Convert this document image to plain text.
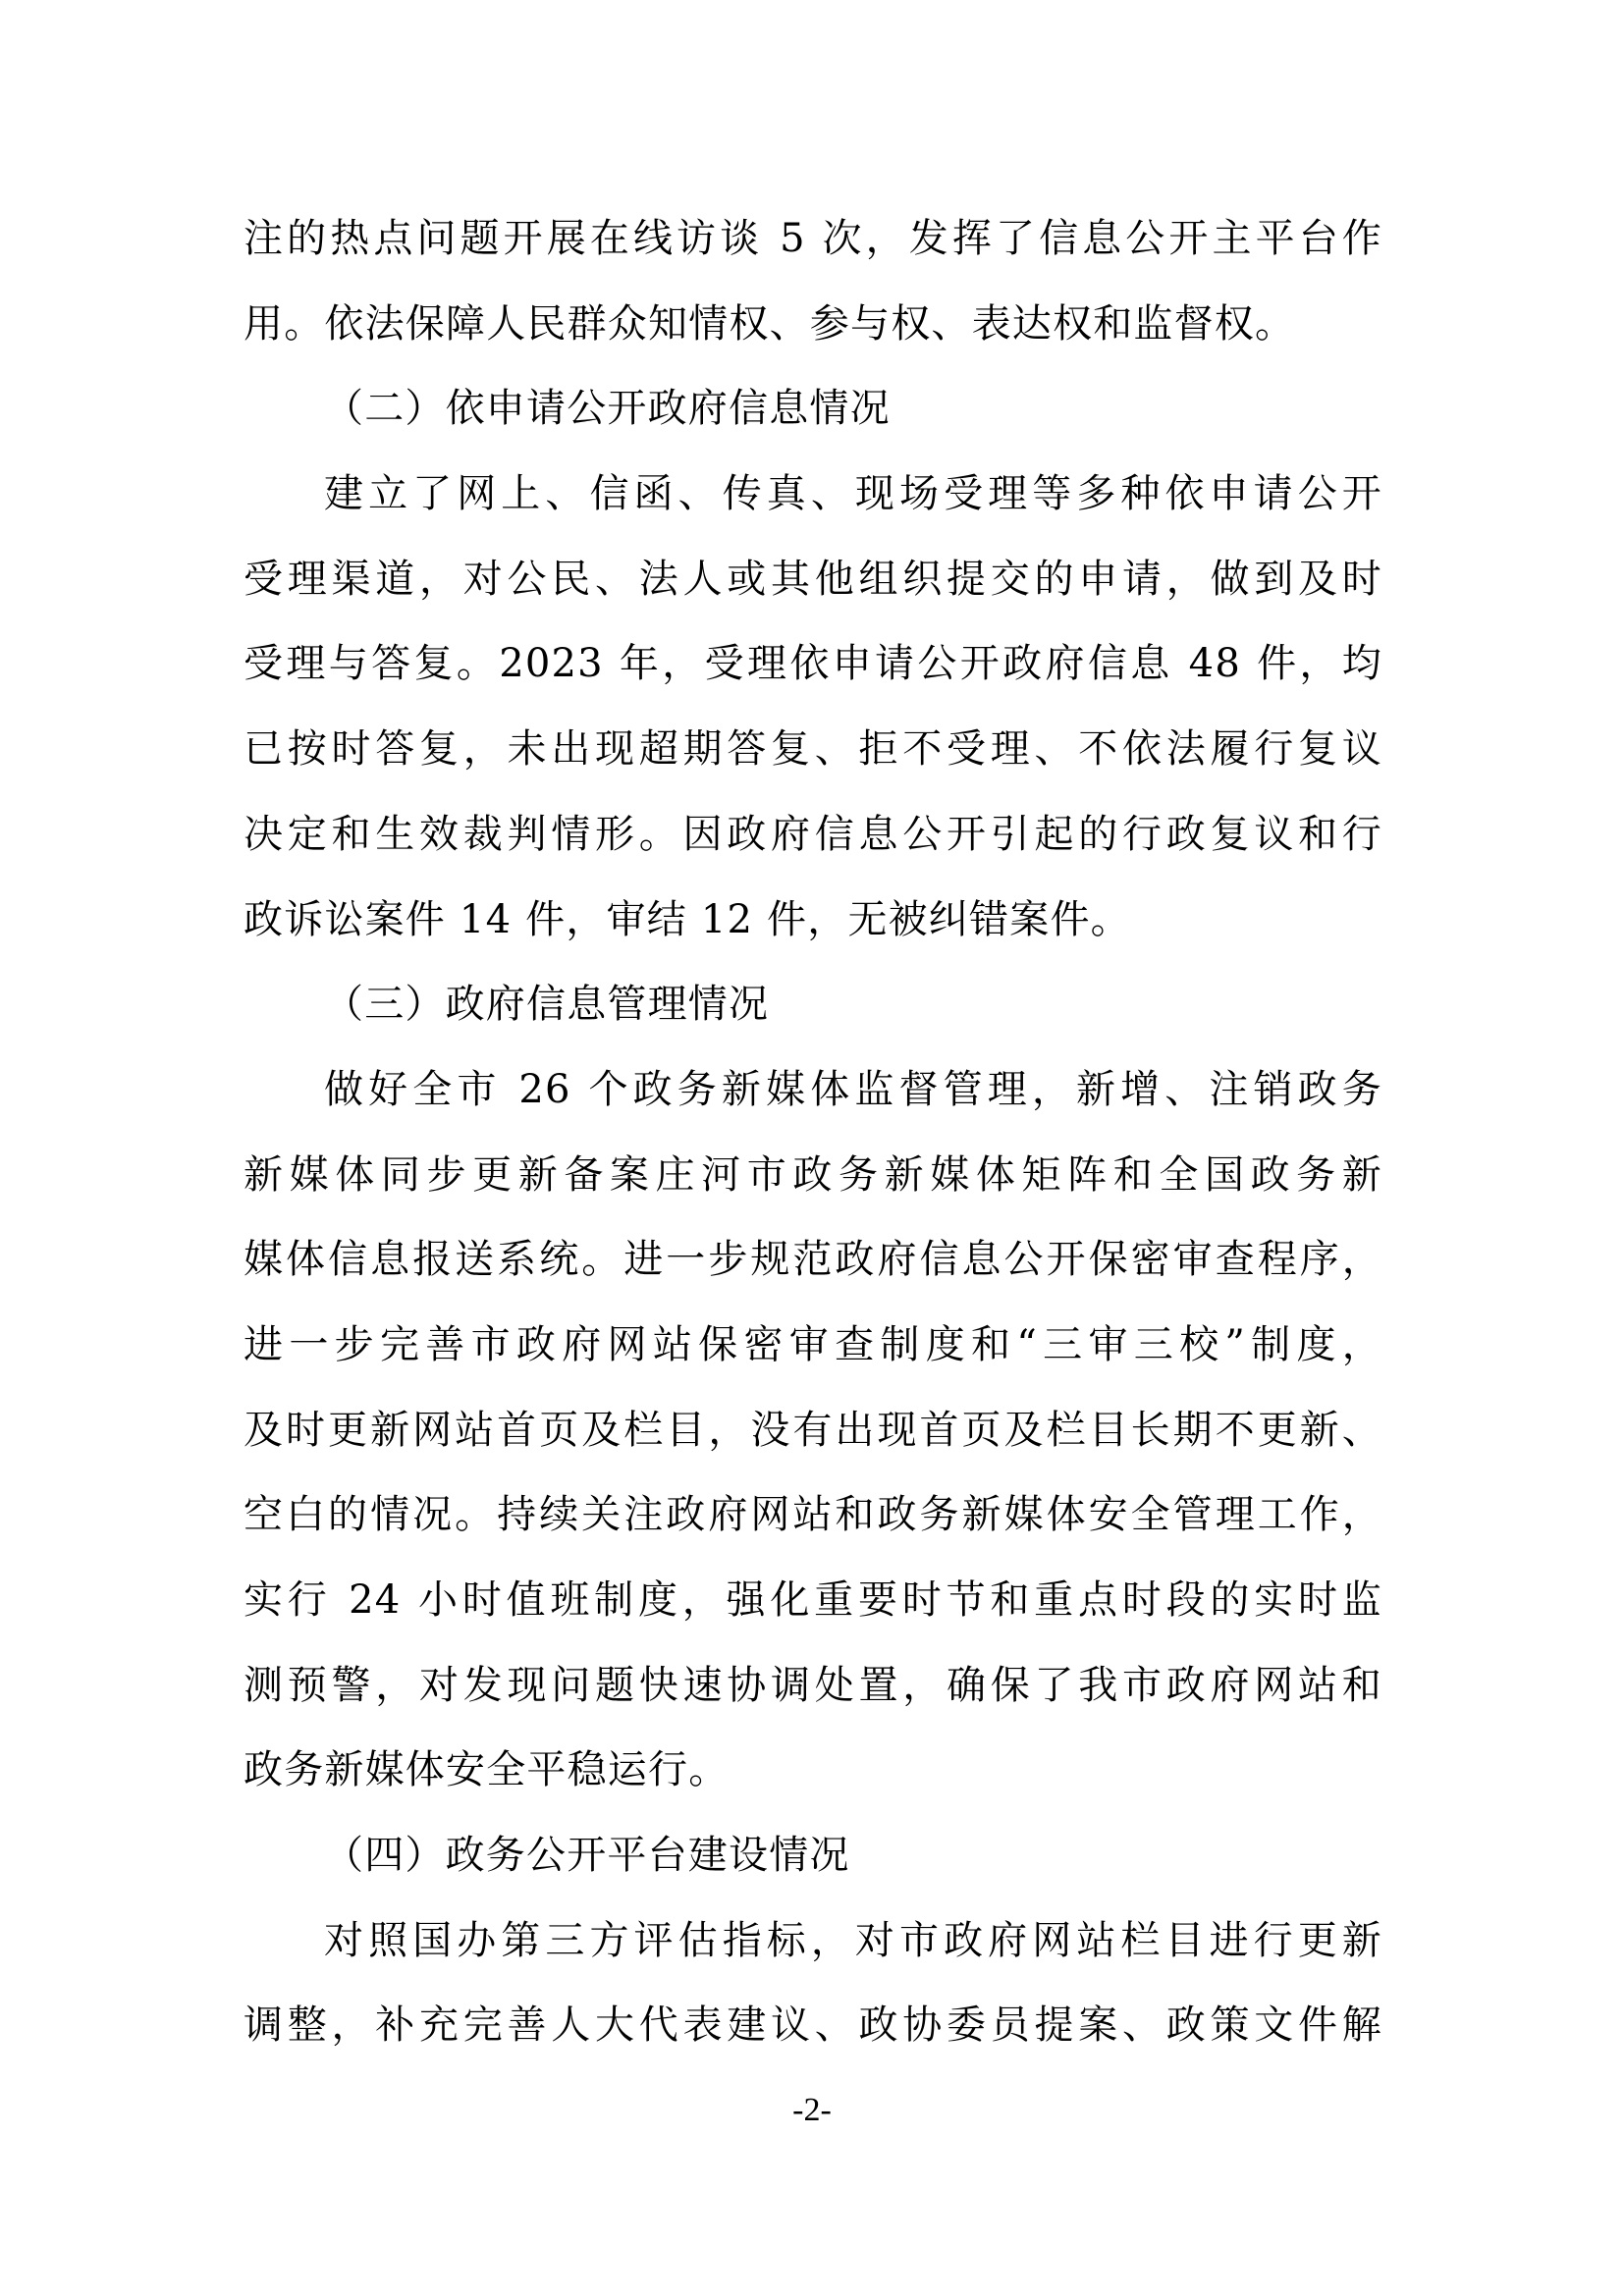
注的热点问题开展在线访谈 5 次，发挥了信息公开主平台作
用。依法保障人民群众知情权、参与权、表达权和监督权。
（二）依申请公开政府信息情况
建立了网上、信函、传真、现场受理等多种依申请公开
受理渠道，对公民、法人或其他组织提交的申请，做到及时
受理与答复。2023 年，受理依申请公开政府信息 48 件，均
已按时答复，未出现超期答复、拒不受理、不依法履行复议
决定和生效裁判情形。因政府信息公开引起的行政复议和行
政诉讼案件 14 件，审结 12 件，无被纠错案件。
（三）政府信息管理情况
做好全市 26 个政务新媒体监督管理，新增、注销政务
新媒体同步更新备案庄河市政务新媒体矩阵和全国政务新
媒体信息报送系统。进一步规范政府信息公开保密审查程序，
进一步完善市政府网站保密审查制度和“三审三校”制度，
及时更新网站首页及栏目，没有出现首页及栏目长期不更新、
空白的情况。持续关注政府网站和政务新媒体安全管理工作，
实行 24 小时值班制度，强化重要时节和重点时段的实时监
测预警，对发现问题快速协调处置，确保了我市政府网站和
政务新媒体安全平稳运行。
（四）政务公开平台建设情况
对照国办第三方评估指标，对市政府网站栏目进行更新
调整，补充完善人大代表建议、政协委员提案、政策文件解
-2-
